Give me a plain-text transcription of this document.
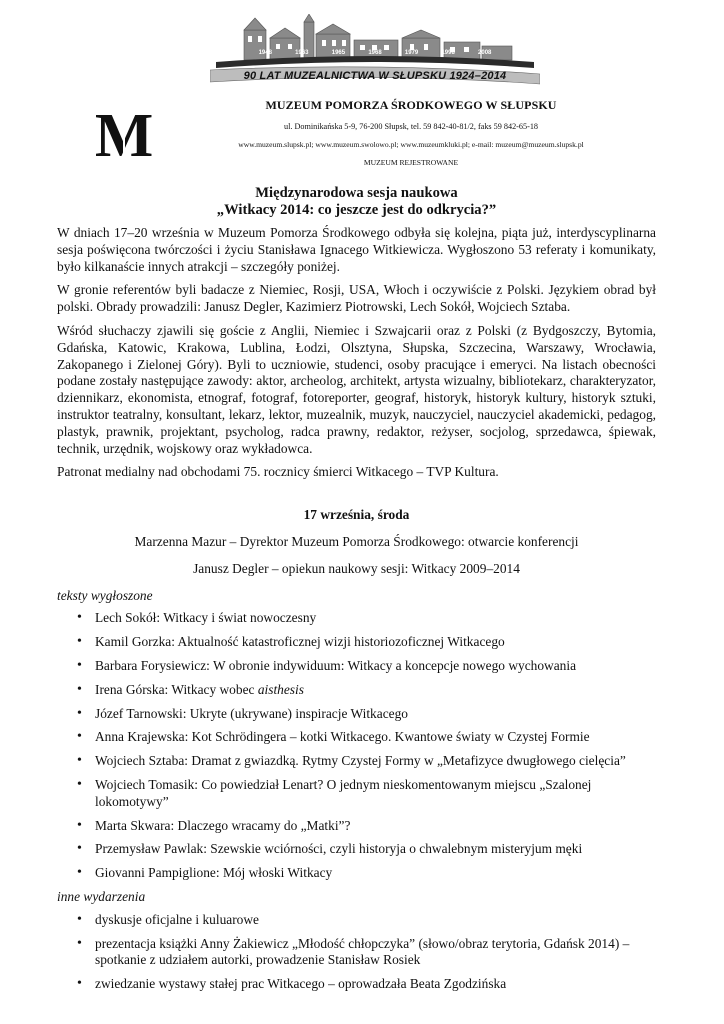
1924	1948	1963	1965	1968	1979	1998	2008	2014
90 LAT MUZEALNICTWA W SŁUPSKU 1924–2014
M	MUZEUM POMORZA ŚRODKOWEGO W SŁUPSKU
ul. Dominikańska 5-9, 76-200 Słupsk, tel. 59 842-40-81/2, faks 59 842-65-18
www.muzeum.slupsk.pl; www.muzeum.swolowo.pl; www.muzeumkluki.pl; e-mail: muzeum@muzeum.slupsk.pl
MUZEUM REJESTROWANE
Międzynarodowa sesja naukowa
„Witkacy 2014: co jeszcze jest do odkrycia?”

W dniach 17–20 września w Muzeum Pomorza Środkowego odbyła się kolejna, piąta już, interdyscyplinarna sesja poświęcona twórczości i życiu Stanisława Ignacego Witkiewicza. Wygłoszono 53 referaty i komunikaty, było kilkanaście innych atrakcji – szczegóły poniżej.

W gronie referentów byli badacze z Niemiec, Rosji, USA, Włoch i oczywiście z Polski. Językiem obrad był polski. Obrady prowadzili: Janusz Degler, Kazimierz Piotrowski, Lech Sokół, Wojciech Sztaba.

Wśród słuchaczy zjawili się goście z Anglii, Niemiec i Szwajcarii oraz z Polski (z Bydgoszczy, Bytomia, Gdańska, Katowic, Krakowa, Lublina, Łodzi, Olsztyna, Słupska, Szczecina, Warszawy, Wrocławia, Zakopanego i Zielonej Góry). Byli to uczniowie, studenci, osoby pracujące i emeryci. Na listach obecności podane zostały następujące zawody: aktor, archeolog, architekt, artysta wizualny, bibliotekarz, charakteryzator, dziennikarz, ekonomista, etnograf, fotograf, fotoreporter, geograf, historyk, historyk kultury, historyk sztuki, instruktor teatralny, konsultant, lekarz, lektor, muzealnik, muzyk, nauczyciel, nauczyciel akademicki, pedagog, plastyk, prawnik, projektant, psycholog, radca prawny, redaktor, reżyser, socjolog, sprzedawca, śpiewak, technik, urzędnik, wojskowy oraz wykładowca.

Patronat medialny nad obchodami 75. rocznicy śmierci Witkacego – TVP Kultura.

17 września, środa
Marzenna Mazur – Dyrektor Muzeum Pomorza Środkowego: otwarcie konferencji
Janusz Degler – opiekun naukowy sesji: Witkacy 2009–2014
teksty wygłoszone
• Lech Sokół: Witkacy i świat nowoczesny
• Kamil Gorzka: Aktualność katastroficznej wizji historiozoficznej Witkacego
• Barbara Forysiewicz: W obronie indywiduum: Witkacy a koncepcje nowego wychowania
• Irena Górska: Witkacy wobec aisthesis
• Józef Tarnowski: Ukryte (ukrywane) inspiracje Witkacego
• Anna Krajewska: Kot Schrödingera – kotki Witkacego. Kwantowe światy w Czystej Formie
• Wojciech Sztaba: Dramat z gwiazdką. Rytmy Czystej Formy w „Metafizyce dwugłowego cielęcia”
• Wojciech Tomasik: Co powiedział Lenart? O jednym nieskomentowanym miejscu „Szalonej lokomotywy”
• Marta Skwara: Dlaczego wracamy do „Matki”?
• Przemysław Pawlak: Szewskie wciórności, czyli historyja o chwalebnym misteryjum męki
• Giovanni Pampiglione: Mój włoski Witkacy
inne wydarzenia
• dyskusje oficjalne i kuluarowe
• prezentacja książki Anny Żakiewicz „Młodość chłopczyka” (słowo/obraz terytoria, Gdańsk 2014) – spotkanie z udziałem autorki, prowadzenie Stanisław Rosiek
• zwiedzanie wystawy stałej prac Witkacego – oprowadzała Beata Zgodzińska
